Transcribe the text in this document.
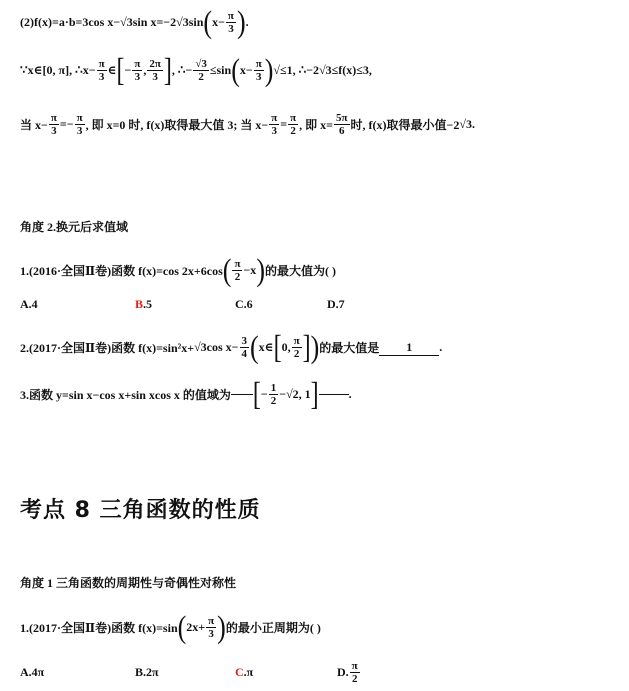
(2)f(x)=a·b=3cos x− √ 3sin x=−2 √ 3sin ( $x- \frac{\pi}{3}$ ) .
∵x∈[0, π], ∴x− $\frac{\pi}{3}$ ∈ [ − $\frac{\pi}{3}$ , $\frac{2\pi}{3}$ ] , ∴− √ $\frac{3}{2} \le\sin$ ( $x- \frac{\pi}{3}$ ) √ ≤1, ∴−2 √ 3≤f(x)≤3,
当 $x- \frac{\pi}{3} =- \frac{\pi}{3}$ , 即 x=0 时, f(x)取得最大值 3; 当 $x- \frac{\pi}{3} = \frac{\pi}{2}$ , 即 $x= \frac{5\pi}{6}$ 时, f(x)取得最小值−2 √ 3.
角度 2.换元后求值域
1.(2016·全国Ⅱ卷)函数 f(x)=cos 2x+6cos ( $\frac{\pi}{2} -x$ ) 的最大值为( )
A.4	B.5	C.6	D.7
2.(2017·全国Ⅱ卷)函数 f(x)=sin²x+ √ 3cos $x- \frac{3}{4}$ ( x∈ [ 0, $\frac{\pi}{2}$ ] ) 的最大值是	1	.
3.函数 y=sin x−cos x+sin xcos x 的值域为 [ − $\frac{1}{2}$ − √ 2, 1 ]	.
考点 8 三角函数的性质
角度 1 三角函数的周期性与奇偶性对称性
1.(2017·全国Ⅱ卷)函数 f(x)=sin ( $2x+ \frac{\pi}{3}$ ) 的最小正周期为( )
A.4π	B.2π	C.π	D. $\frac{\pi}{2}$
